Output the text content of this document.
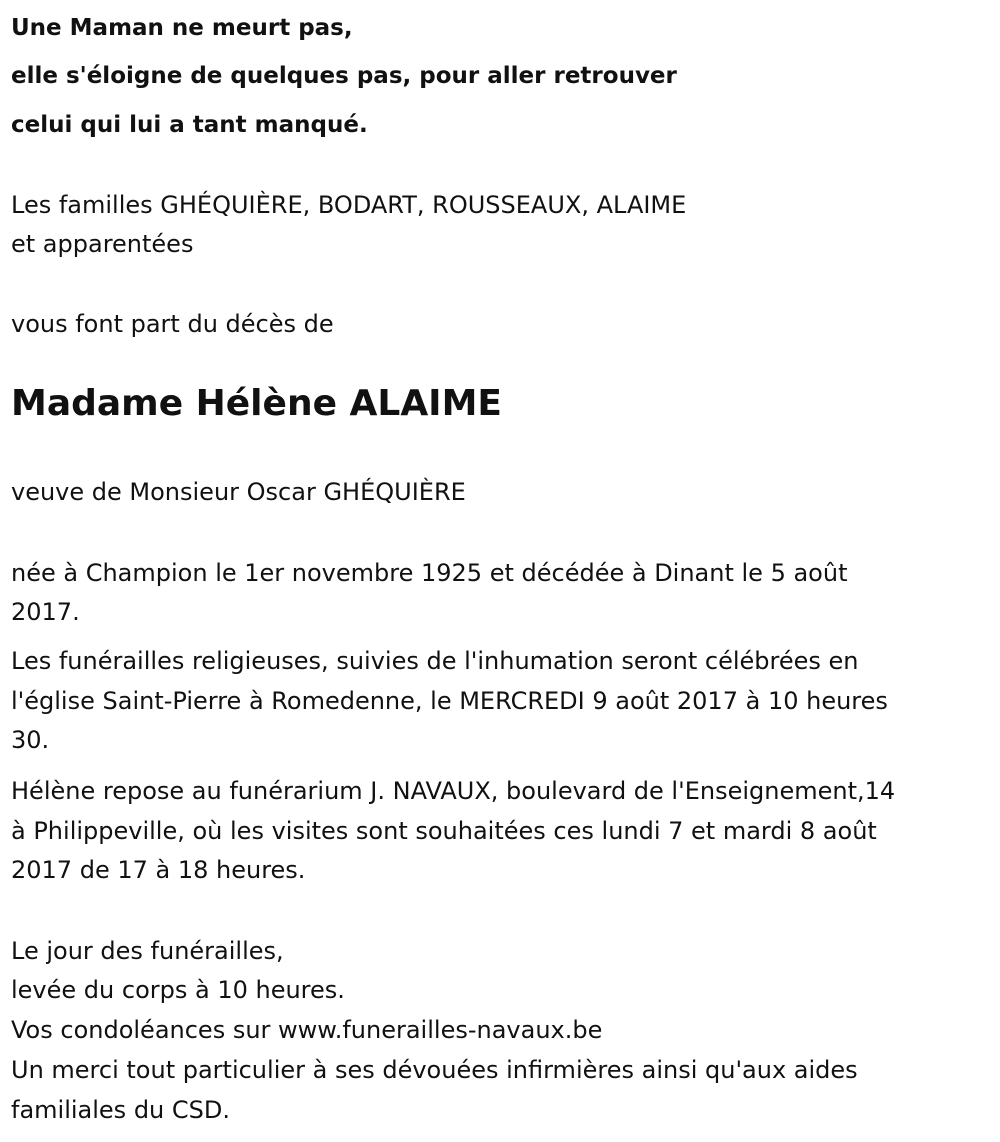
Une Maman ne meurt pas,
elle s'éloigne de quelques pas, pour aller retrouver
celui qui lui a tant manqué.
Les familles GHÉQUIÈRE, BODART, ROUSSEAUX, ALAIME
et apparentées
vous font part du décès de
Madame Hélène ALAIME
veuve de Monsieur Oscar GHÉQUIÈRE
née à Champion le 1er novembre 1925 et décédée à Dinant le 5 août
2017.
Les funérailles religieuses, suivies de l'inhumation seront célébrées en
l'église Saint-Pierre à Romedenne, le MERCREDI 9 août 2017 à 10 heures
30.
Hélène repose au funérarium J. NAVAUX, boulevard de l'Enseignement,14
à Philippeville, où les visites sont souhaitées ces lundi 7 et mardi 8 août
2017 de 17 à 18 heures.
Le jour des funérailles,
levée du corps à 10 heures.
Vos condoléances sur www.funerailles-navaux.be
Un merci tout particulier à ses dévouées infirmières ainsi qu'aux aides
familiales du CSD.
